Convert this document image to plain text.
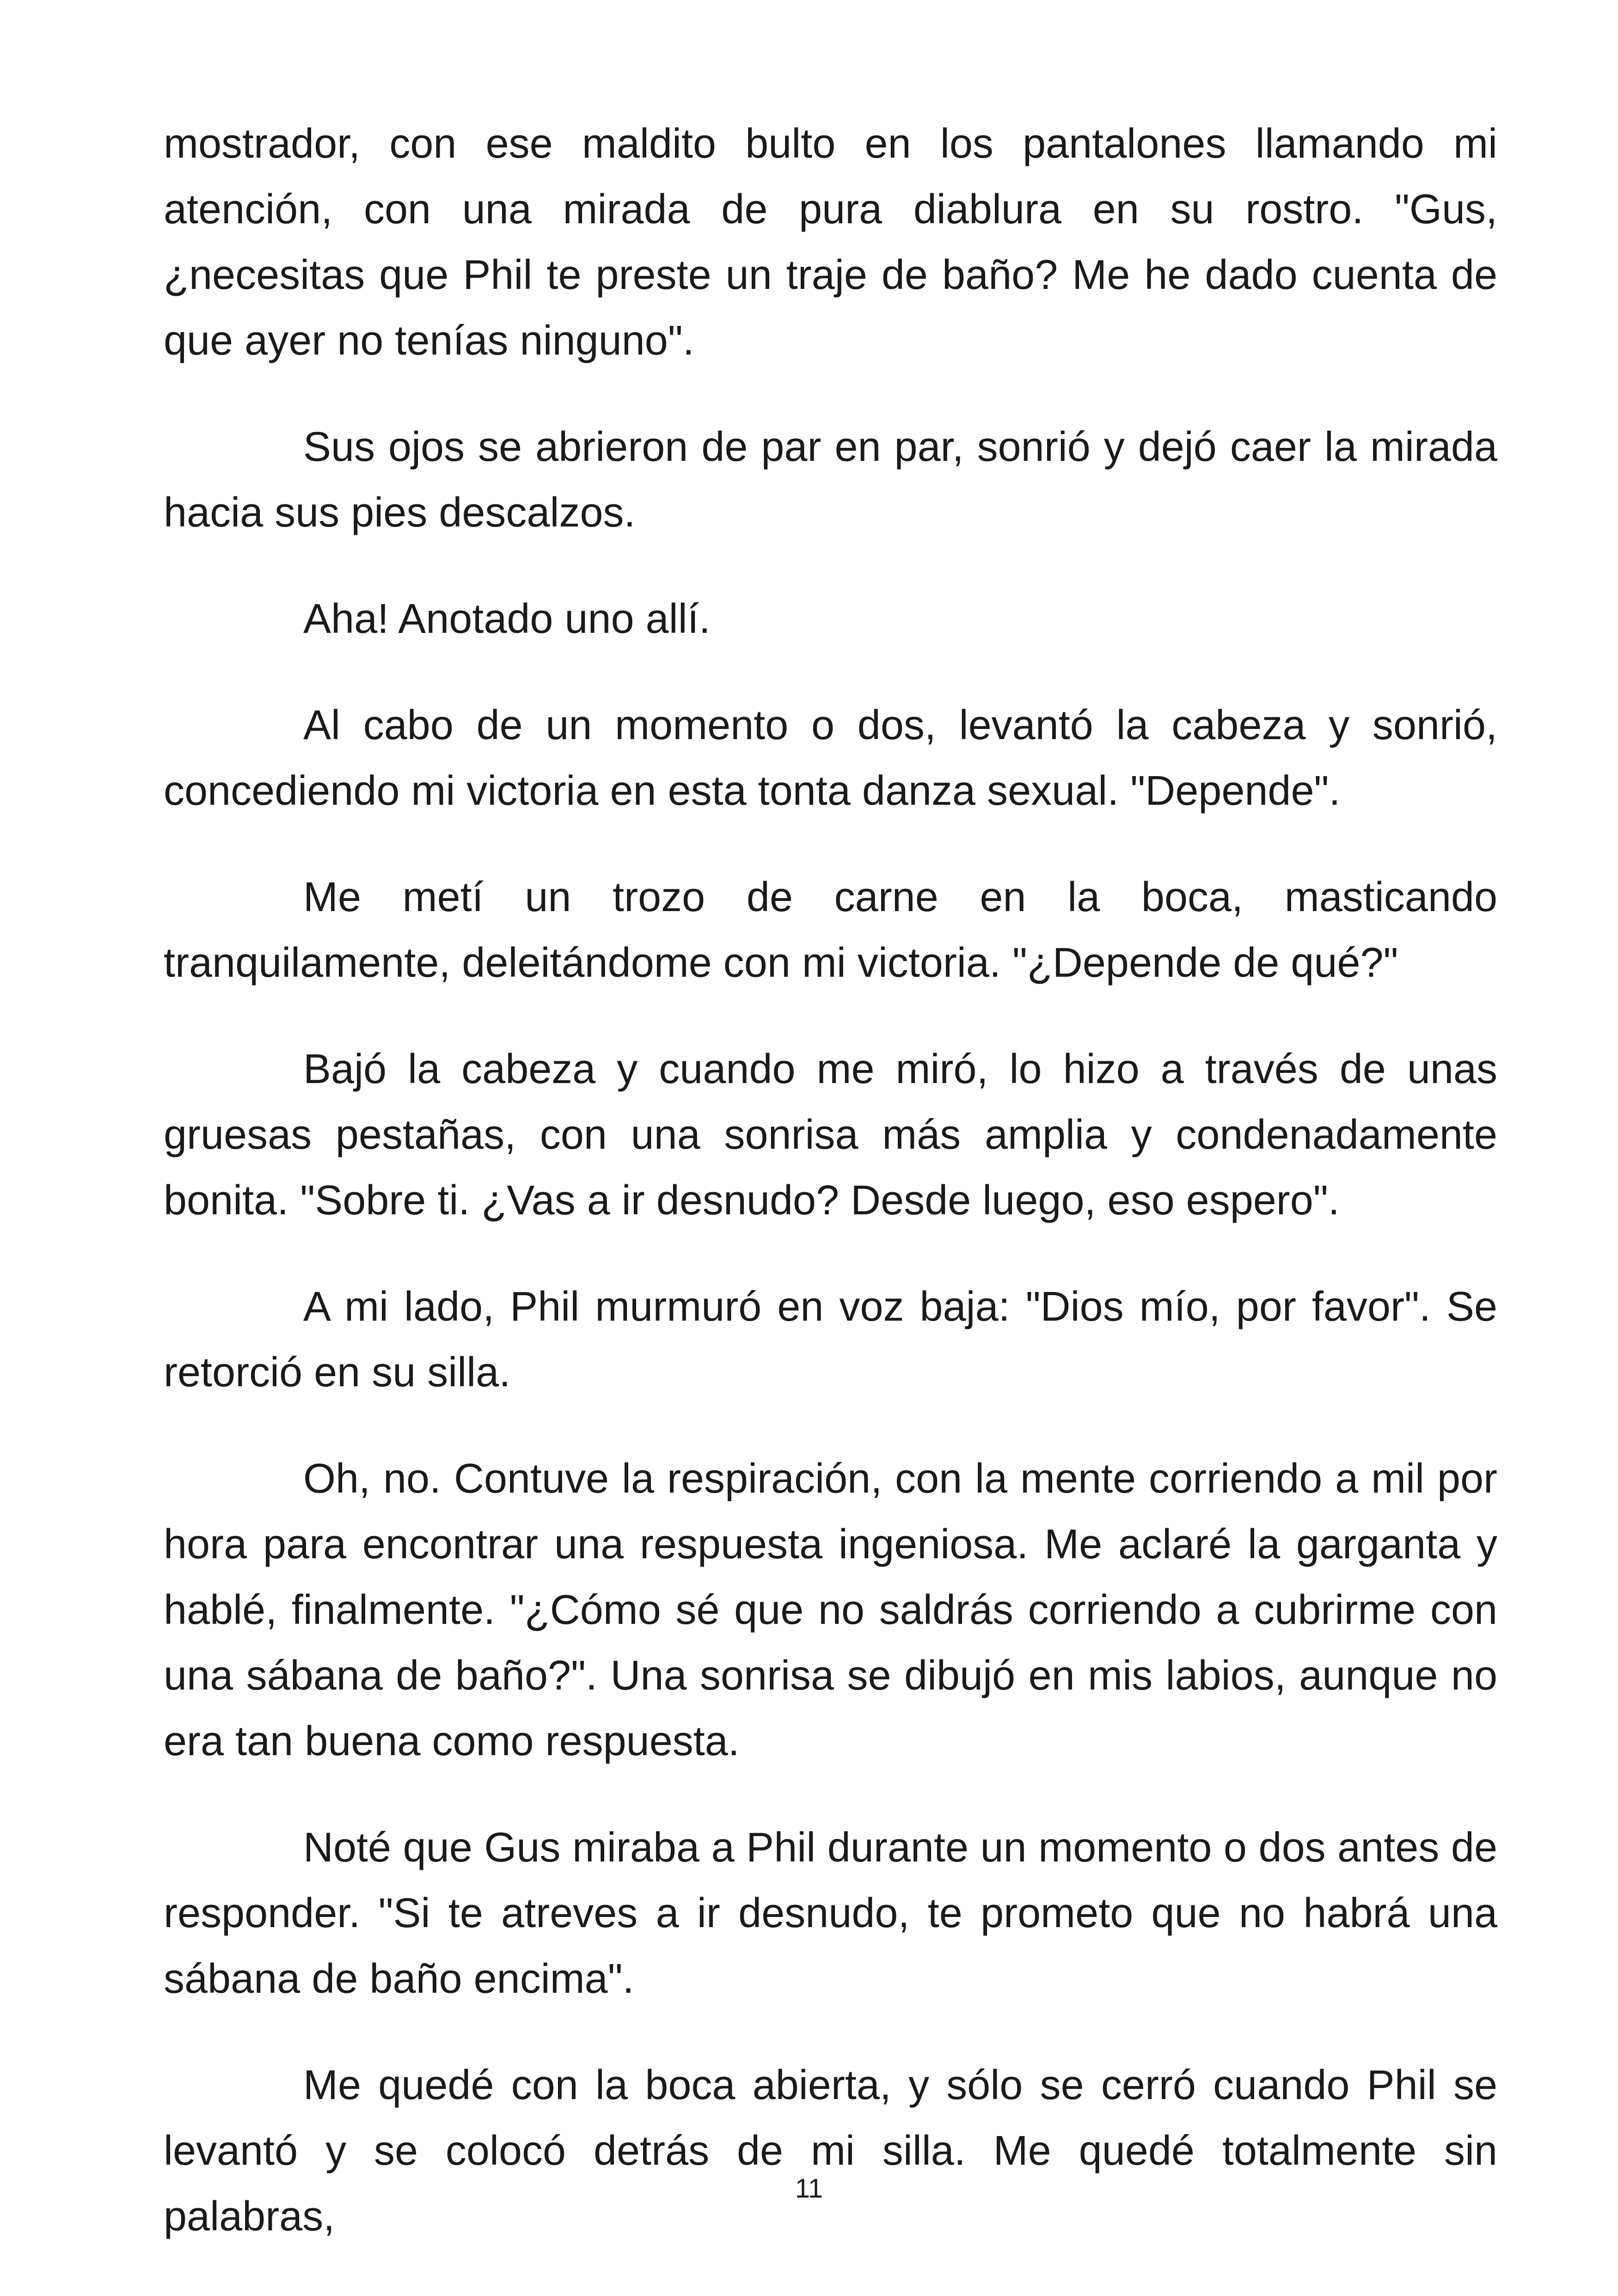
mostrador, con ese maldito bulto en los pantalones llamando mi atención, con una mirada de pura diablura en su rostro. "Gus, ¿necesitas que Phil te preste un traje de baño? Me he dado cuenta de que ayer no tenías ninguno".

Sus ojos se abrieron de par en par, sonrió y dejó caer la mirada hacia sus pies descalzos.

Aha! Anotado uno allí.

Al cabo de un momento o dos, levantó la cabeza y sonrió, concediendo mi victoria en esta tonta danza sexual. "Depende".

Me metí un trozo de carne en la boca, masticando tranquilamente, deleitándome con mi victoria. "¿Depende de qué?"

Bajó la cabeza y cuando me miró, lo hizo a través de unas gruesas pestañas, con una sonrisa más amplia y condenadamente bonita. "Sobre ti. ¿Vas a ir desnudo? Desde luego, eso espero".

A mi lado, Phil murmuró en voz baja: "Dios mío, por favor". Se retorció en su silla.

Oh, no. Contuve la respiración, con la mente corriendo a mil por hora para encontrar una respuesta ingeniosa. Me aclaré la garganta y hablé, finalmente. "¿Cómo sé que no saldrás corriendo a cubrirme con una sábana de baño?". Una sonrisa se dibujó en mis labios, aunque no era tan buena como respuesta.

Noté que Gus miraba a Phil durante un momento o dos antes de responder. "Si te atreves a ir desnudo, te prometo que no habrá una sábana de baño encima".

Me quedé con la boca abierta, y sólo se cerró cuando Phil se levantó y se colocó detrás de mi silla. Me quedé totalmente sin palabras,

11
